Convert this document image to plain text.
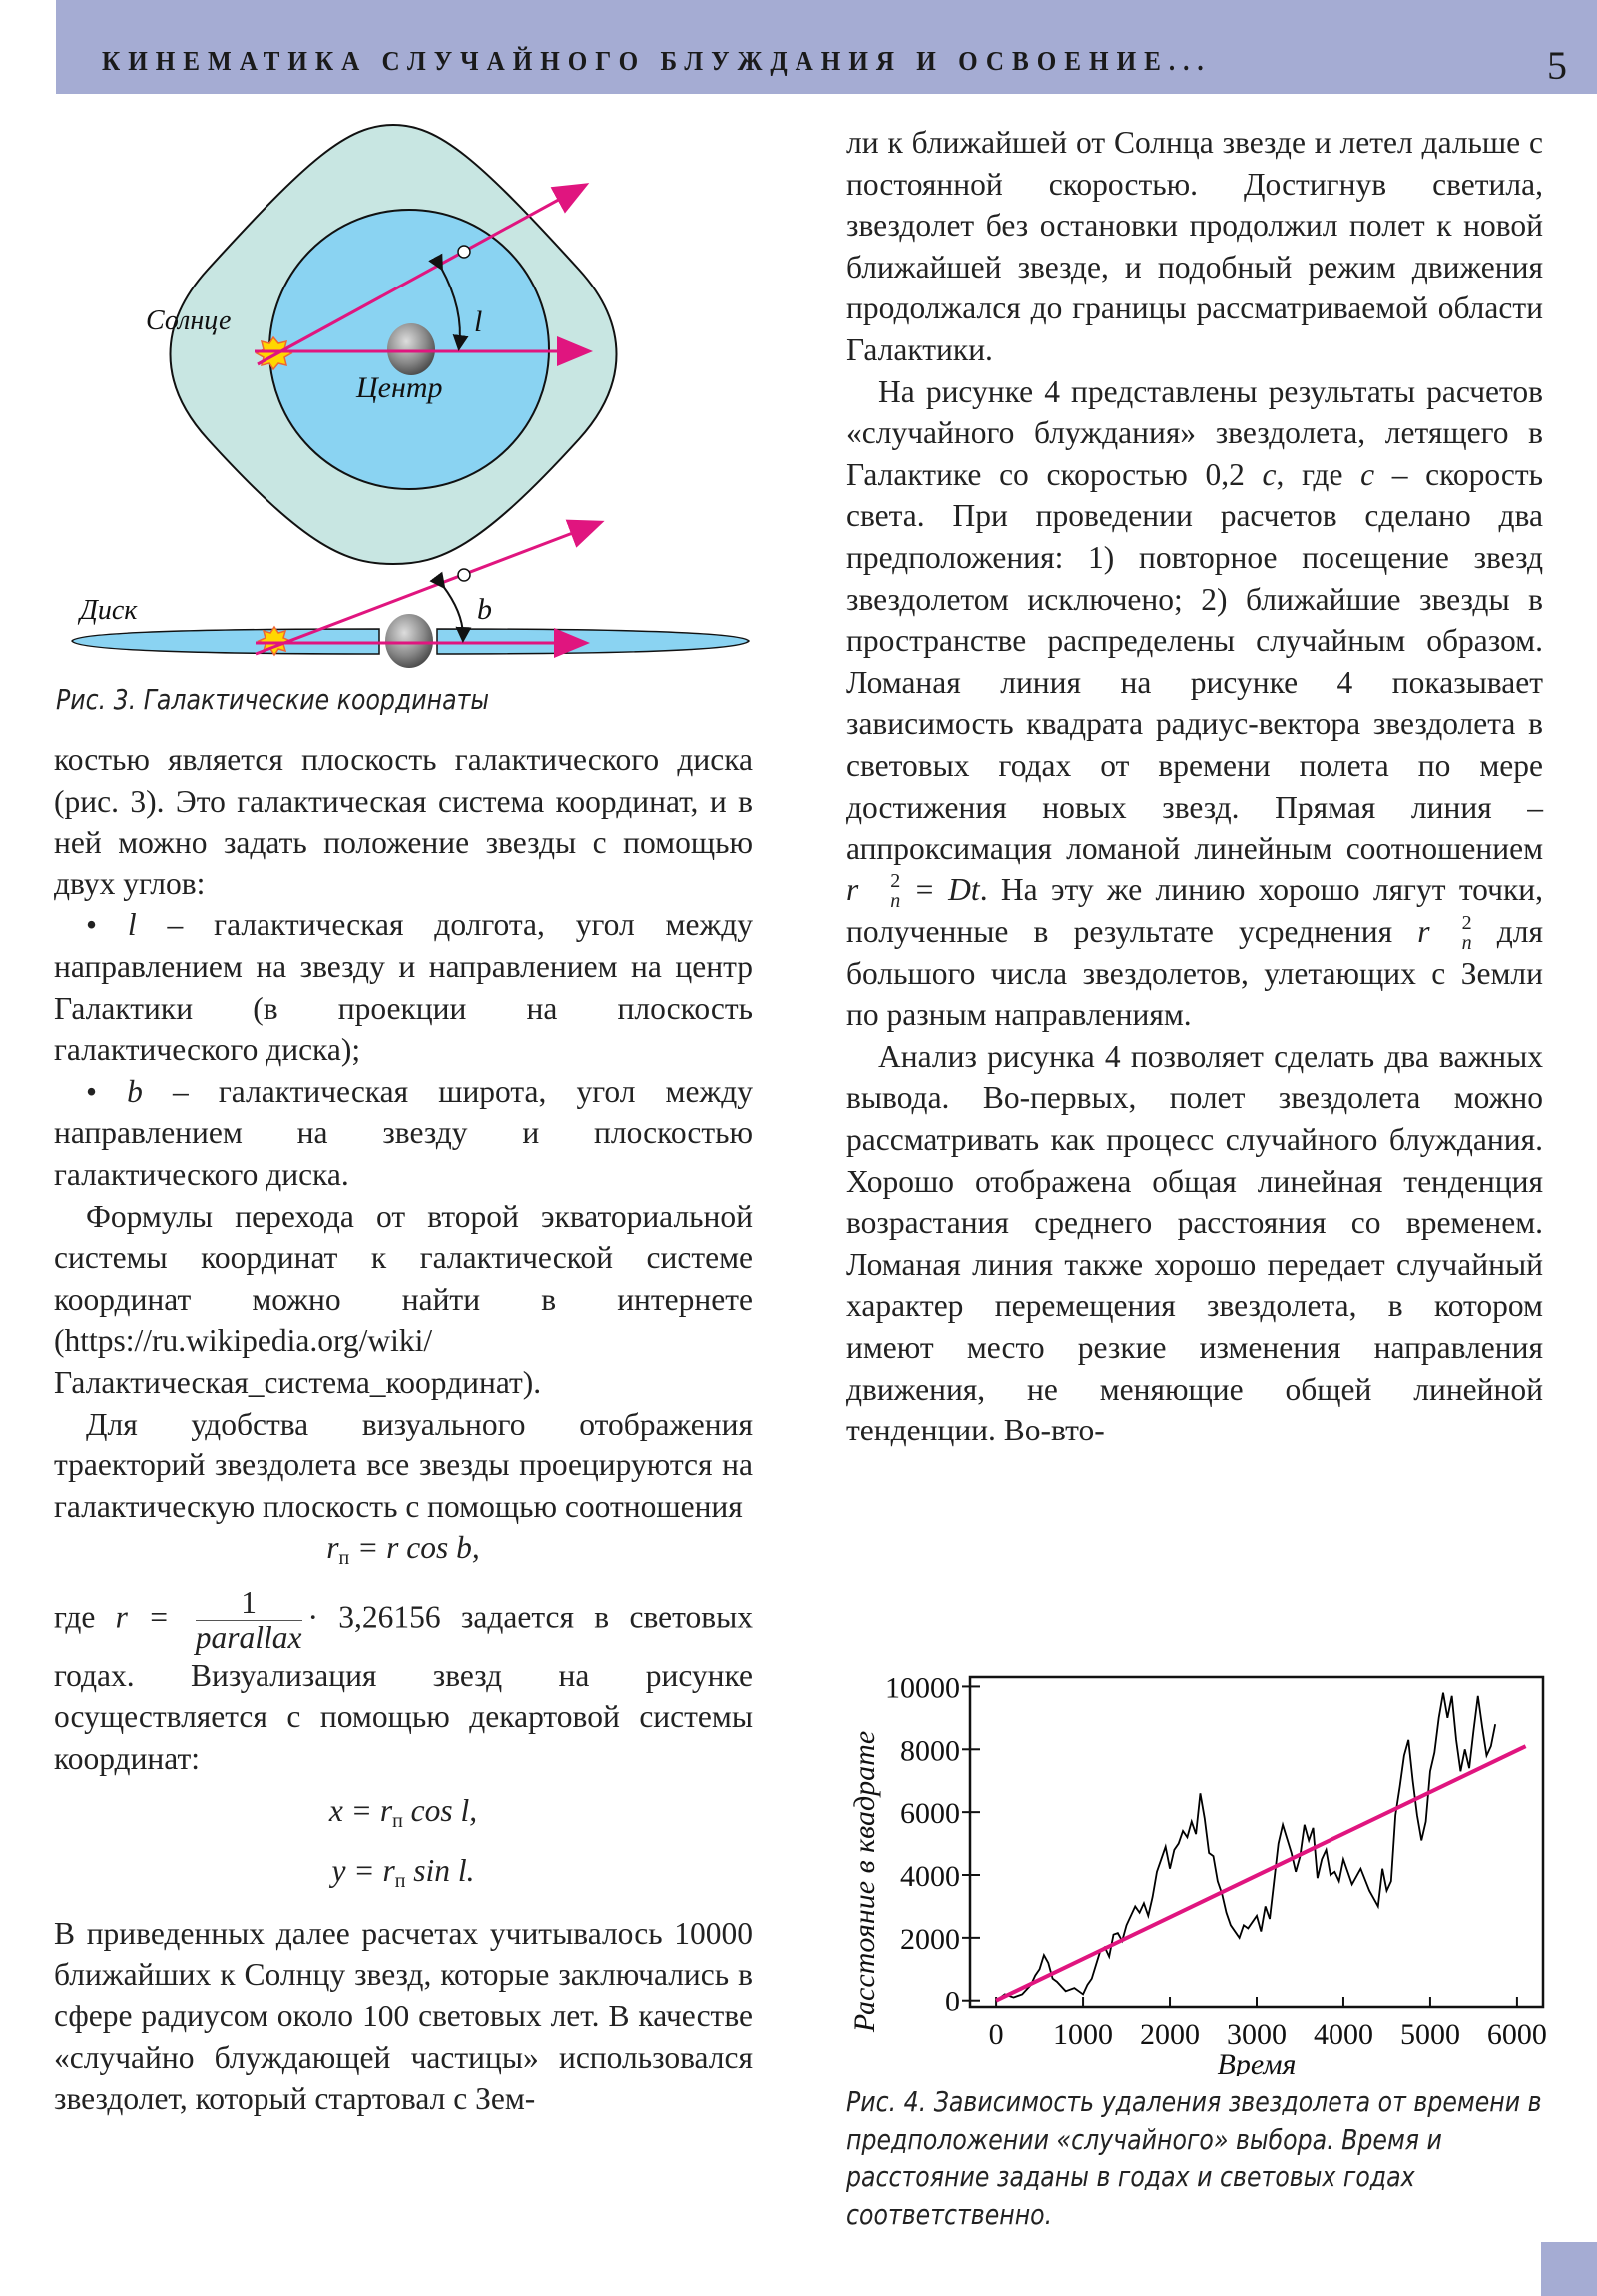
КИНЕМАТИКА СЛУЧАЙНОГО БЛУЖДАНИЯ И ОСВОЕНИЕ...	5
Солнце	l
Центр
Диск	b
Рис. 3. Галактические координаты

костью является плоскость галактического диска (рис. 3). Это галактическая система координат, и в ней можно задать положение звезды с помощью двух углов:

• l – галактическая долгота, угол между направлением на звезду и направлением на центр Галактики (в проекции на плоскость галактического диска);

• b – галактическая широта, угол между направлением на звезду и плоскостью галактического диска.

Формулы перехода от второй экваториальной системы координат к галактической системе координат можно найти в интернете (https://ru.wikipedia.org/wiki/Галактическая_система_координат).

Для удобства визуального отображения траекторий звездолета все звезды проецируются на галактическую плоскость с помощью соотношения

$r_п = r$ cos b,

где $r = \frac{1}{\text{parallax}} \cdot 3,26156$ задается в световых годах. Визуализация звезд на рисунке осуществляется с помощью декартовой системы координат:

$x = r_п$ cos l,

$y = r_п$ sin l.

В приведенных далее расчетах учитывалось 10000 ближайших к Солнцу звезд, которые заключались в сфере радиусом около 100 световых лет. В качестве «случайно блуждающей частицы» использовался звездолет, который стартовал с Зем-

ли к ближайшей от Солнца звезде и летел дальше с постоянной скоростью. Достигнув светила, звездолет без остановки продолжил полет к новой ближайшей звезде, и подобный режим движения продолжался до границы рассматриваемой области Галактики.

На рисунке 4 представлены результаты расчетов «случайного блуждания» звездолета, летящего в Галактике со скоростью 0,2 c, где c – скорость света. При проведении расчетов сделано два предположения: 1) повторное посещение звезд звездолетом исключено; 2) ближайшие звезды в пространстве распределены случайным образом. Ломаная линия на рисунке 4 показывает зависимость квадрата радиус-вектора звездолета в световых годах от времени полета по мере достижения новых звезд. Прямая линия – аппроксимация ломаной линейным соотношением r	2
n = Dt. На эту же линию хорошо лягут точки, полученные в результате усреднения r	2
n для большого числа звездолетов, улетающих с Земли по разным направлениям.

Анализ рисунка 4 позволяет сделать два важных вывода. Во-первых, полет звездолета можно рассматривать как процесс случайного блуждания. Хорошо отображена общая линейная тенденция возрастания среднего расстояния со временем. Ломаная линия также хорошо передает случайный характер перемещения звездолета, в котором имеют место резкие изменения направления движения, не меняющие общей линейной тенденции. Во-вто-

0 1000 2000 3000 4000 5000 6000
0
2000
4000
6000
8000
10000
Время
Расстояние в квадрате
Рис. 4. Зависимость удаления звездолета от времени в предположении «случайного» выбора. Время и расстояние заданы в годах и световых годах соответственно.
